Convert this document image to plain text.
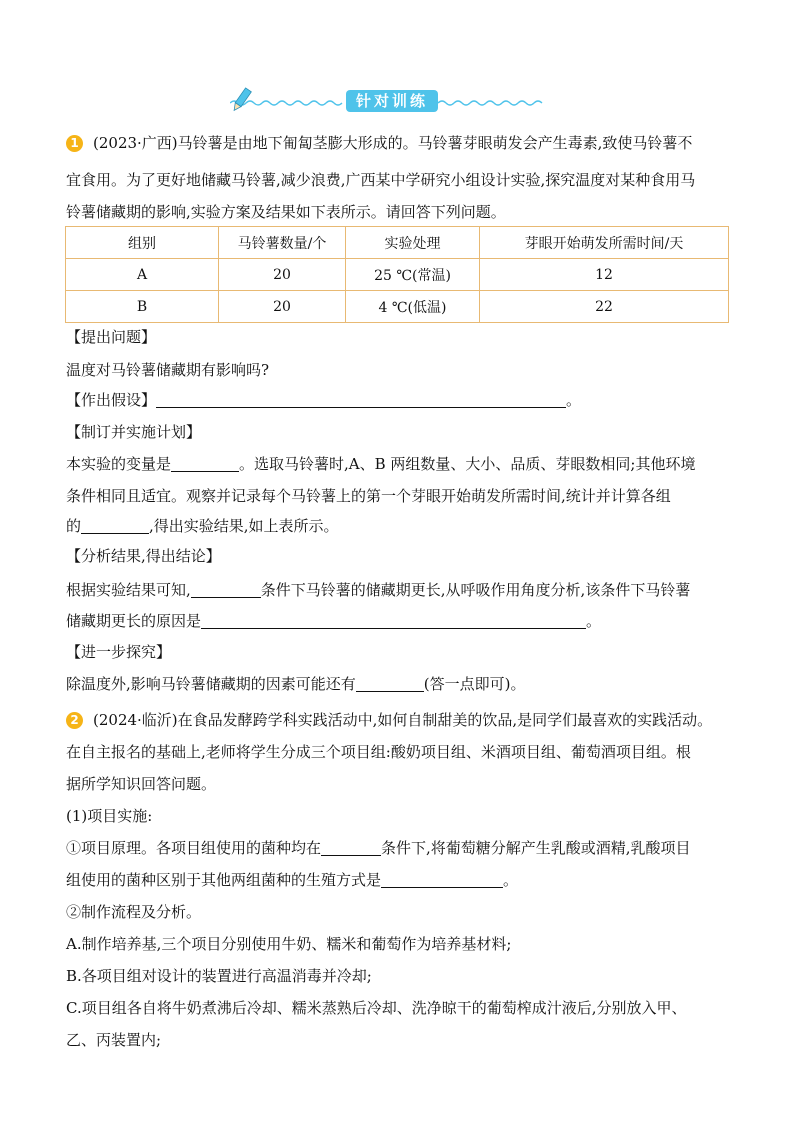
针对训练
1 (2023·广西)马铃薯是由地下匍匐茎膨大形成的。马铃薯芽眼萌发会产生毒素,致使马铃薯不
宜食用。为了更好地储藏马铃薯,减少浪费,广西某中学研究小组设计实验,探究温度对某种食用马
铃薯储藏期的影响,实验方案及结果如下表所示。请回答下列问题。
组别	马铃薯数量/个	实验处理	芽眼开始萌发所需时间/天
A	20	25 ℃(常温)	12
B	20	4 ℃(低温)	22
【提出问题】
温度对马铃薯储藏期有影响吗?
【作出假设】	。
【制订并实施计划】
本实验的变量是	。选取马铃薯时,A、B 两组数量、大小、品质、芽眼数相同;其他环境
条件相同且适宜。观察并记录每个马铃薯上的第一个芽眼开始萌发所需时间,统计并计算各组
的	,得出实验结果,如上表所示。
【分析结果,得出结论】
根据实验结果可知,	条件下马铃薯的储藏期更长,从呼吸作用角度分析,该条件下马铃薯
储藏期更长的原因是	。
【进一步探究】
除温度外,影响马铃薯储藏期的因素可能还有	(答一点即可)。
2 (2024·临沂)在食品发酵跨学科实践活动中,如何自制甜美的饮品,是同学们最喜欢的实践活动。
在自主报名的基础上,老师将学生分成三个项目组:酸奶项目组、米酒项目组、葡萄酒项目组。根
据所学知识回答问题。
(1)项目实施:
①项目原理。各项目组使用的菌种均在	条件下,将葡萄糖分解产生乳酸或酒精,乳酸项目
组使用的菌种区别于其他两组菌种的生殖方式是	。
②制作流程及分析。
A.制作培养基,三个项目分别使用牛奶、糯米和葡萄作为培养基材料;
B.各项目组对设计的装置进行高温消毒并冷却;
C.项目组各自将牛奶煮沸后冷却、糯米蒸熟后冷却、洗净晾干的葡萄榨成汁液后,分别放入甲、
乙、丙装置内;
